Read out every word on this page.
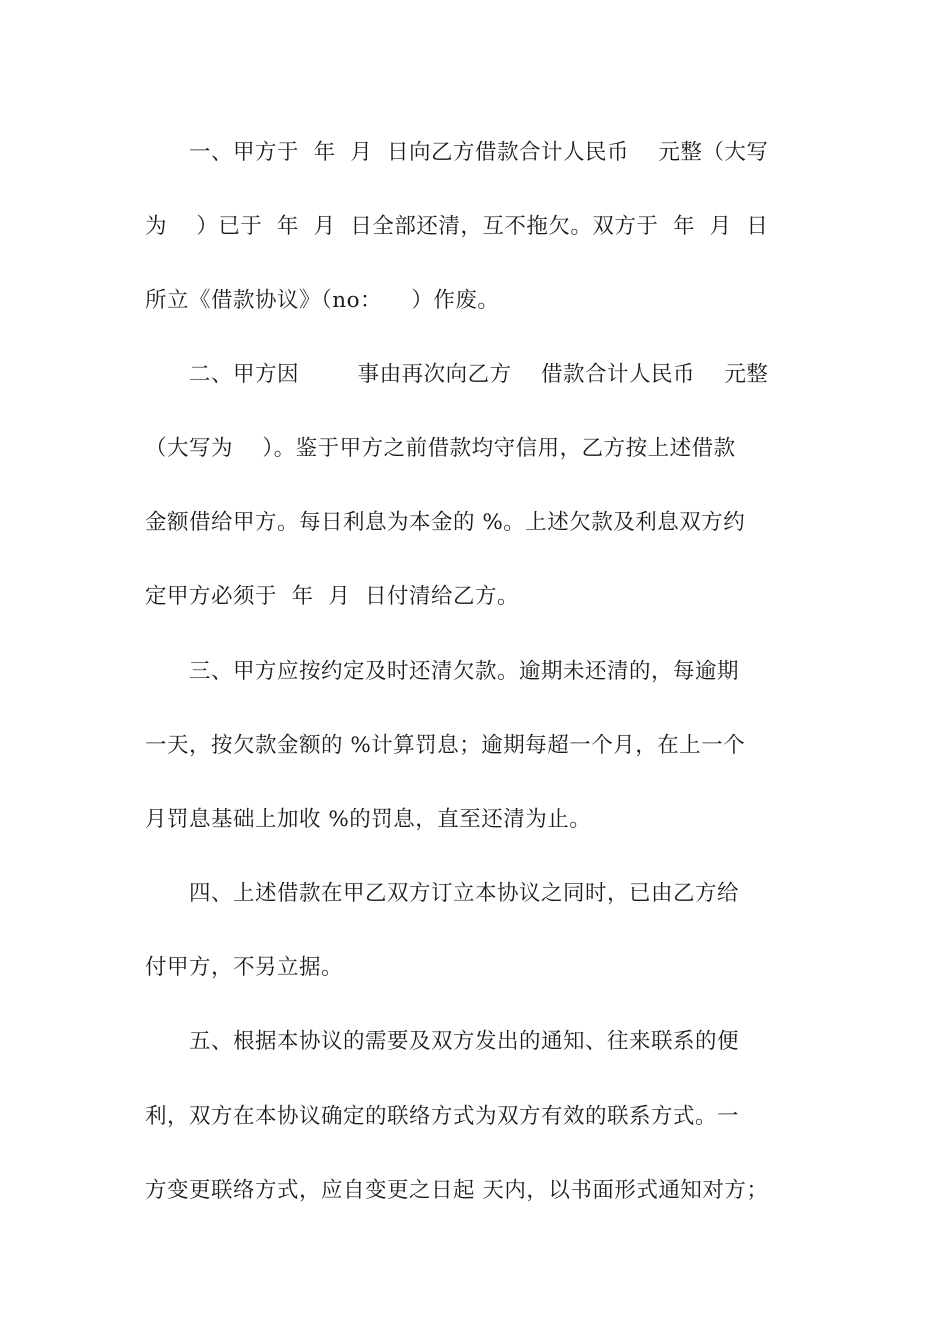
　　一、甲方于  年  月  日向乙方借款合计人民币    元整（大写
为    ）已于  年  月  日全部还清，互不拖欠。双方于  年  月  日
所立《借款协议》（no：    ）作废。
　　二、甲方因        事由再次向乙方    借款合计人民币    元整
（大写为    ）。鉴于甲方之前借款均守信用，乙方按上述借款
金额借给甲方。每日利息为本金的 %。上述欠款及利息双方约
定甲方必须于  年  月  日付清给乙方。
　　三、甲方应按约定及时还清欠款。逾期未还清的，每逾期
一天，按欠款金额的 %计算罚息；逾期每超一个月，在上一个
月罚息基础上加收 %的罚息，直至还清为止。
　　四、上述借款在甲乙双方订立本协议之同时，已由乙方给
付甲方，不另立据。
　　五、根据本协议的需要及双方发出的通知、往来联系的便
利，双方在本协议确定的联络方式为双方有效的联系方式。一
方变更联络方式，应自变更之日起 天内，以书面形式通知对方；
